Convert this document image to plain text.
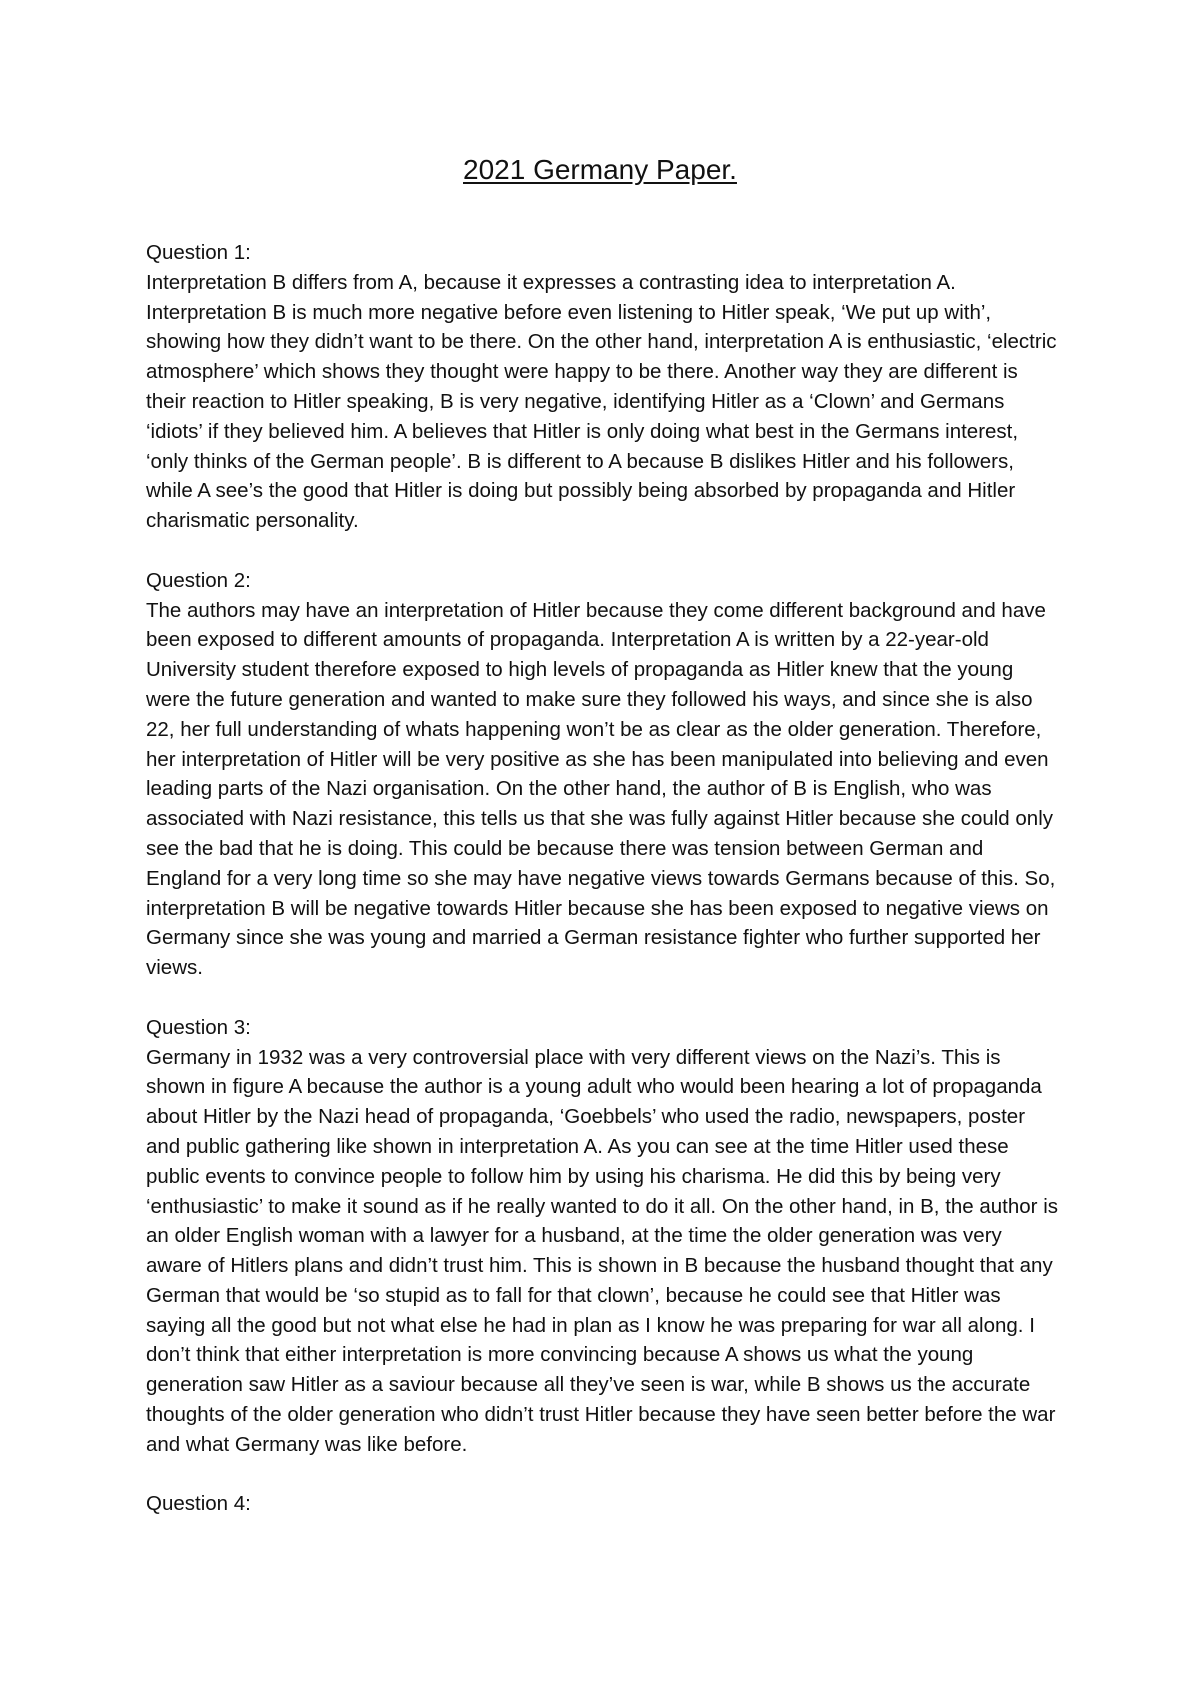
2021 Germany Paper.

Question 1:

Interpretation B differs from A, because it expresses a contrasting idea to interpretation A. Interpretation B is much more negative before even listening to Hitler speak, ‘We put up with’, showing how they didn’t want to be there. On the other hand, interpretation A is enthusiastic, ‘electric atmosphere’ which shows they thought were happy to be there. Another way they are different is their reaction to Hitler speaking, B is very negative, identifying Hitler as a ‘Clown’ and Germans ‘idiots’ if they believed him. A believes that Hitler is only doing what best in the Germans interest, ‘only thinks of the German people’. B is different to A because B dislikes Hitler and his followers, while A see’s the good that Hitler is doing but possibly being absorbed by propaganda and Hitler charismatic personality.

Question 2:

The authors may have an interpretation of Hitler because they come different background and have been exposed to different amounts of propaganda. Interpretation A is written by a 22-year-old University student therefore exposed to high levels of propaganda as Hitler knew that the young were the future generation and wanted to make sure they followed his ways, and since she is also 22, her full understanding of whats happening won’t be as clear as the older generation. Therefore, her interpretation of Hitler will be very positive as she has been manipulated into believing and even leading parts of the Nazi organisation. On the other hand, the author of B is English, who was associated with Nazi resistance, this tells us that she was fully against Hitler because she could only see the bad that he is doing. This could be because there was tension between German and England for a very long time so she may have negative views towards Germans because of this. So, interpretation B will be negative towards Hitler because she has been exposed to negative views on Germany since she was young and married a German resistance fighter who further supported her views.

Question 3:

Germany in 1932 was a very controversial place with very different views on the Nazi’s. This is shown in figure A because the author is a young adult who would been hearing a lot of propaganda about Hitler by the Nazi head of propaganda, ‘Goebbels’ who used the radio, newspapers, poster and public gathering like shown in interpretation A. As you can see at the time Hitler used these public events to convince people to follow him by using his charisma. He did this by being very ‘enthusiastic’ to make it sound as if he really wanted to do it all. On the other hand, in B, the author is an older English woman with a lawyer for a husband, at the time the older generation was very aware of Hitlers plans and didn’t trust him. This is shown in B because the husband thought that any German that would be ‘so stupid as to fall for that clown’, because he could see that Hitler was saying all the good but not what else he had in plan as I know he was preparing for war all along. I don’t think that either interpretation is more convincing because A shows us what the young generation saw Hitler as a saviour because all they’ve seen is war, while B shows us the accurate thoughts of the older generation who didn’t trust Hitler because they have seen better before the war and what Germany was like before.

Question 4:
